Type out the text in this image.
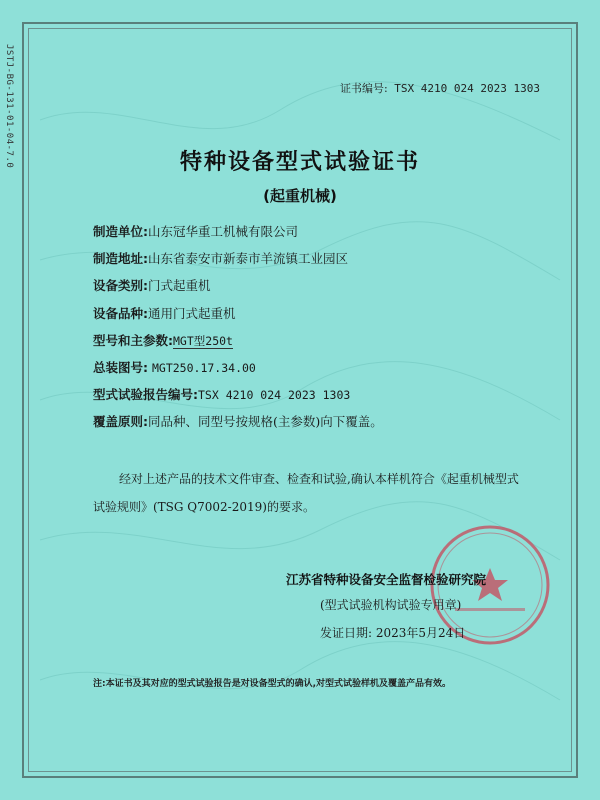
JSTJ-BG-131-01-04-7.0	证书编号: TSX 4210 024 2023 1303
特种设备型式试验证书
(起重机械)
制造单位:山东冠华重工机械有限公司
制造地址:山东省泰安市新泰市羊流镇工业园区
设备类别:门式起重机
设备品种:通用门式起重机
型号和主参数:MGT型250t
总装图号: MGT250.17.34.00
型式试验报告编号:TSX 4210 024 2023 1303
覆盖原则:同品种、同型号按规格(主参数)向下覆盖。
经对上述产品的技术文件审查、检查和试验,确认本样机符合《起重机械型式试验规则》(TSG Q7002-2019)的要求。
江苏省特种设备安全监督检验研究院
(型式试验机构试验专用章)
发证日期: 2023年5月24日
注:本证书及其对应的型式试验报告是对设备型式的确认,对型式试验样机及覆盖产品有效。
